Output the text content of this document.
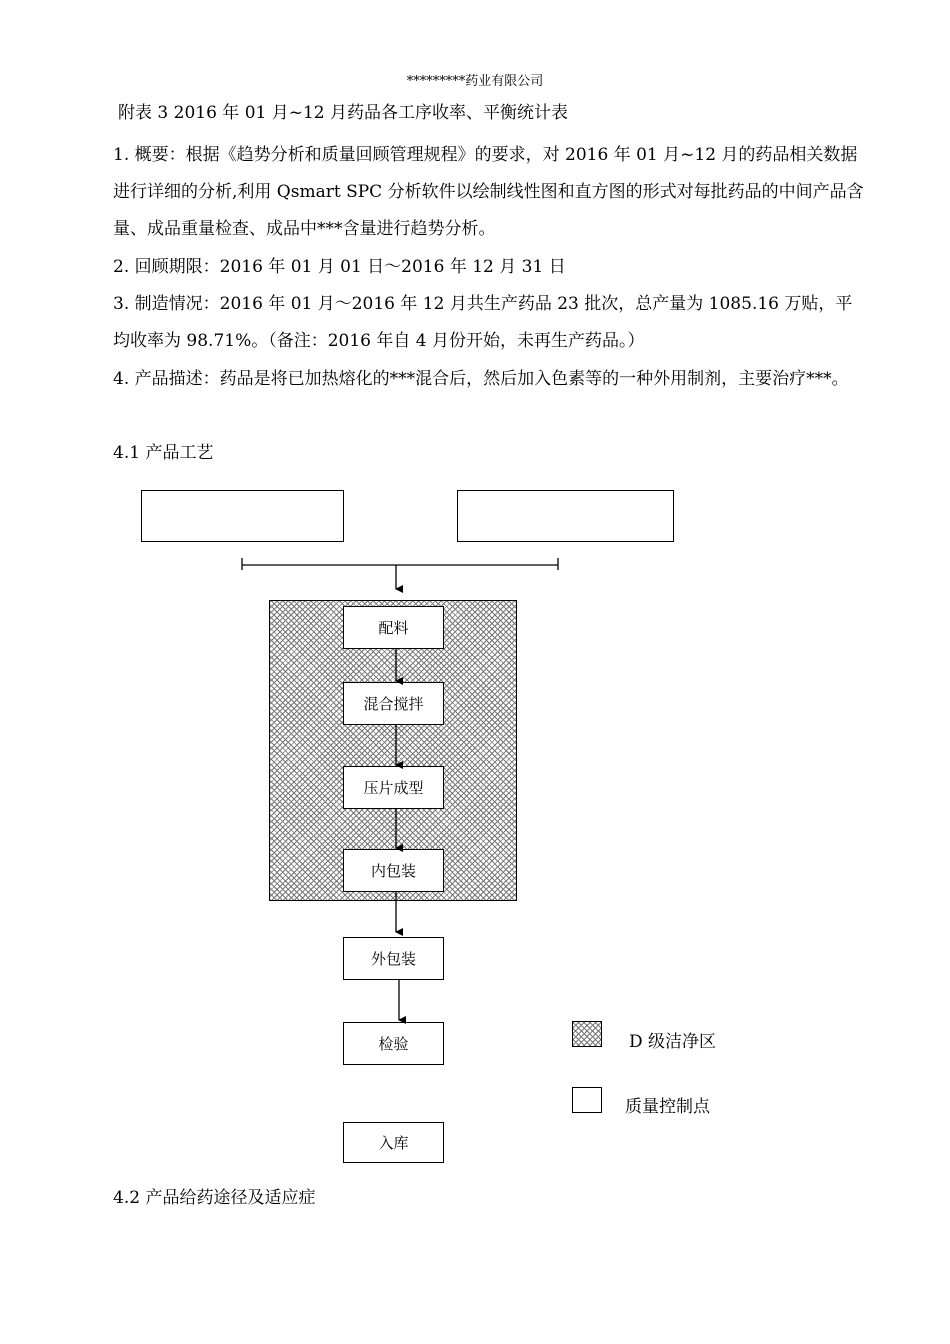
*********药业有限公司
附表 3 2016 年 01 月~12 月药品各工序收率、平衡统计表
1. 概要：根据《趋势分析和质量回顾管理规程》的要求，对 2016 年 01 月~12 月的药品相关数据进行详细的分析,利用 Qsmart SPC 分析软件以绘制线性图和直方图的形式对每批药品的中间产品含量、成品重量检查、成品中***含量进行趋势分析。
2. 回顾期限：2016 年 01 月 01 日～2016 年 12 月 31 日
3. 制造情况：2016 年 01 月～2016 年 12 月共生产药品 23 批次，总产量为 1085.16 万贴，平均收率为 98.71%。（备注：2016 年自 4 月份开始，未再生产药品。）
4. 产品描述：药品是将已加热熔化的***混合后，然后加入色素等的一种外用制剂，主要治疗***。
4.1 产品工艺
配料
混合搅拌
压片成型
内包装
外包装
检验
入库
D 级洁净区
质量控制点
4.2 产品给药途径及适应症
